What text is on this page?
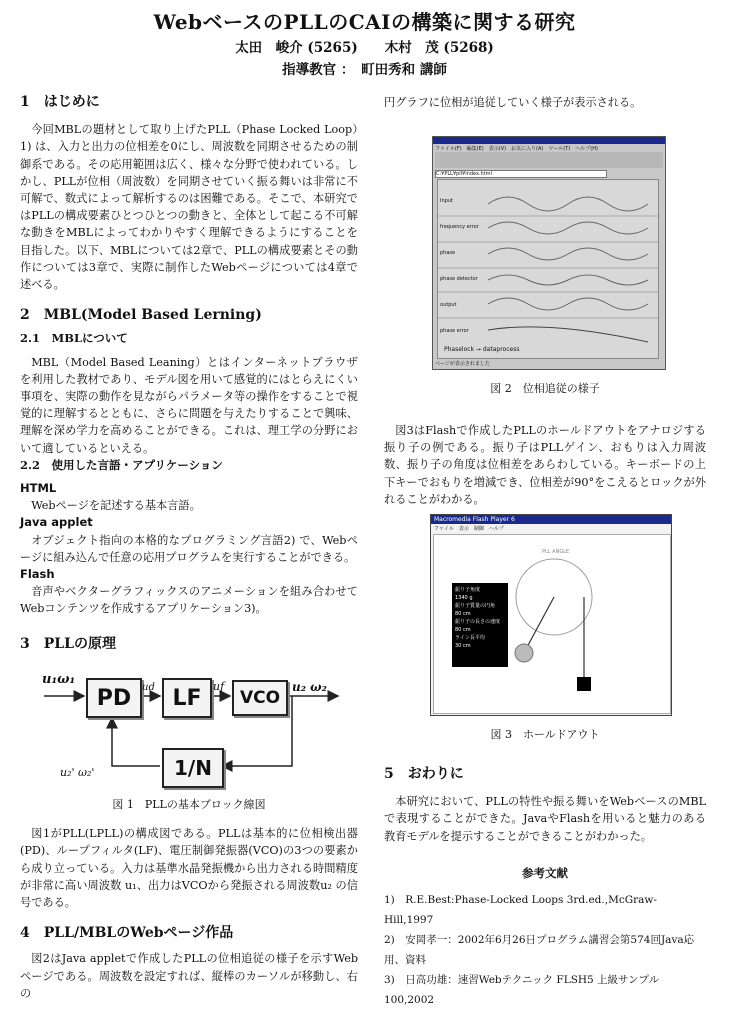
WebベースのPLLのCAIの構築に関する研究
太田　峻介 (5265)　　木村　茂 (5268)
指導教官 ：　町田秀和 講師
1　はじめに

今回MBLの題材として取り上げたPLL（Phase Locked Loop）1) は、入力と出力の位相差を0にし、周波数を同期させるための制御系である。その応用範囲は広く、様々な分野で使われている。しかし、PLLが位相（周波数）を同期させていく振る舞いは非常に不可解で、数式によって解析するのは困難である。そこで、本研究ではPLLの構成要素ひとつひとつの動きと、全体として起こる不可解な動きをMBLによってわかりやすく理解できるようにすることを目指した。以下、MBLについては2章で、PLLの構成要素とその動作については3章で、実際に制作したWebページについては4章で述べる。

2　MBL(Model Based Lerning)
2.1　MBLについて

MBL（Model Based Leaning）とはインターネットブラウザを利用した教材であり、モデル図を用いて感覚的にはとらえにくい事項を、実際の動作を見ながらパラメータ等の操作をすることで視覚的に理解するとともに、さらに問題を与えたりすることで興味、理解を深め学力を高めることができる。これは、理工学の分野において適しているといえる。

2.2　使用した言語・アプリケーション
HTML

Webページを記述する基本言語。

Java applet

オブジェクト指向の本格的なプログラミング言語2) で、Webページに組み込んで任意の応用プログラムを実行することができる。

Flash

音声やベクターグラフィックスのアニメーションを組み合わせてWebコンテンツを作成するアプリケーション3)。

3　PLLの原理
u₁ω₁
PD	ud LF	uf
VCO
u₂ ω₂
1/N
u₂' ω₂'
図 1　PLLの基本ブロック線図

図1がPLL(LPLL)の構成図である。PLLは基本的に位相検出器(PD)、ループフィルタ(LF)、電圧制御発振器(VCO)の3つの要素から成り立っている。入力は基準水晶発振機から出力される時間精度が非常に高い周波数 u₁、出力はVCOから発振される周波数u₂ の信号である。

4　PLL/MBLのWebページ作品

図2はJava appletで作成したPLLの位相追従の様子を示すWebページである。周波数を設定すれば、縦棒のカーソルが移動し、右の

円グラフに位相が追従していく様子が表示される。

ファイル(F)　編集(E)　表示(V)　お気に入り(A)　ツール(T)　ヘルプ(H)
C:¥PLL¥pll¥index.html
Input
frequency error
phase
phase detector
output
phase error
Phaselock → dataprocess
ページが表示されました
図 2　位相追従の様子

図3はFlashで作成したPLLのホールドアウトをアナロジする振り子の例である。振り子はPLLゲイン、おもりは入力周波数、振り子の角度は位相差をあらわしている。キーボードの上下キーでおもりを増減でき、位相差が90°をこえるとロックが外れることがわかる。

Macromedia Flash Player 6
ファイル　表示　制御　ヘルプ
PLL ANGLE
振り子角度
1340 g
振り子質量の円角
80 cm
振り子の長さの速度
80 cm
ライン長平均
30 cm
図 3　ホールドアウト
5　おわりに

本研究において、PLLの特性や振る舞いをWebベースのMBLで表現することができた。JavaやFlashを用いると魅力のある教育モデルを提示することができることがわかった。

参考文献
1)　R.E.Best:Phase-Locked Loops 3rd.ed.,McGraw-Hill,1997
2)　安岡孝一：2002年6月26日プログラム講習会第574回Java応用、資料
3)　日高功雄：速習Webテクニック FLSH5 上級サンプル100,2002
